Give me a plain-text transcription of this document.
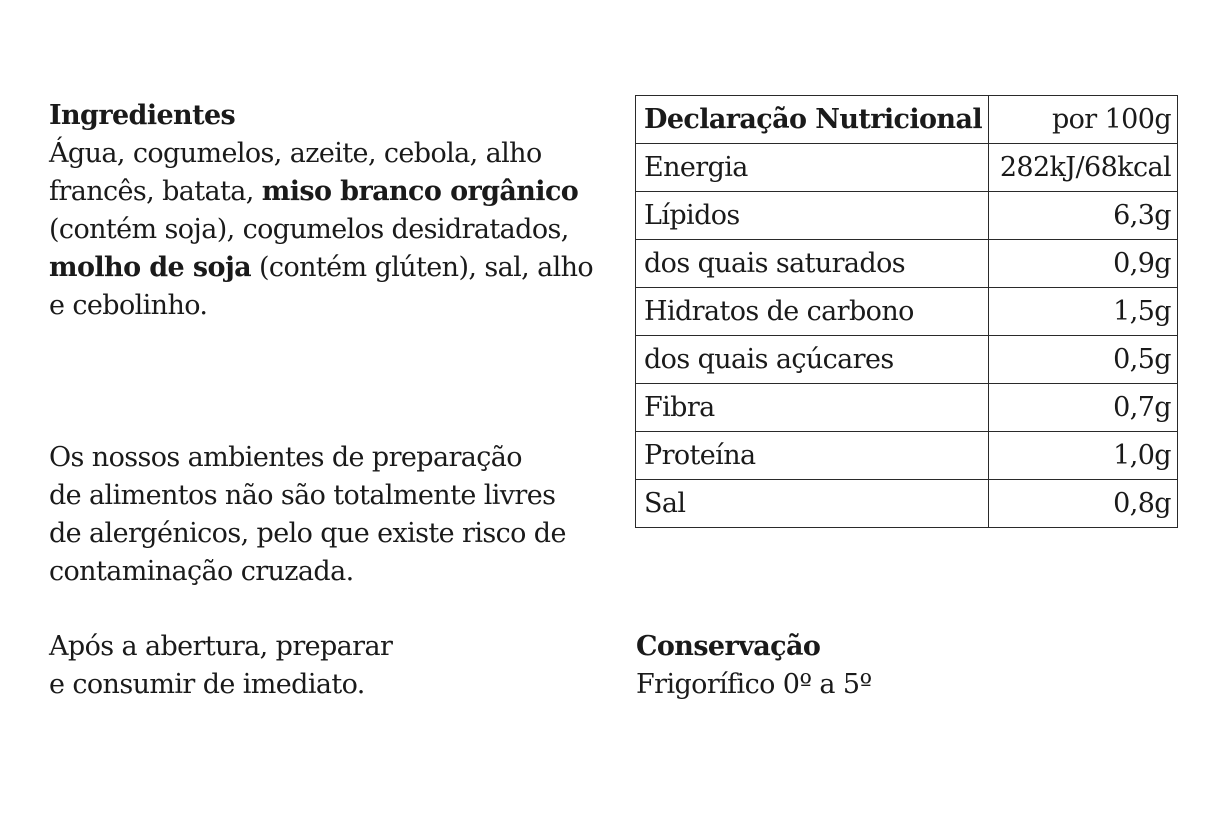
Ingredientes
Água, cogumelos, azeite, cebola, alho
francês, batata, miso branco orgânico
(contém soja), cogumelos desidratados,
molho de soja (contém glúten), sal, alho
e cebolinho.
Os nossos ambientes de preparação
de alimentos não são totalmente livres
de alergénicos, pelo que existe risco de
contaminação cruzada.
Após a abertura, preparar
e consumir de imediato.
Declaração Nutricional	por 100g
Energia	282kJ/68kcal
Lípidos	6,3g
dos quais saturados	0,9g
Hidratos de carbono	1,5g
dos quais açúcares	0,5g
Fibra	0,7g
Proteína	1,0g
Sal	0,8g
Conservação
Frigorífico 0º a 5º
